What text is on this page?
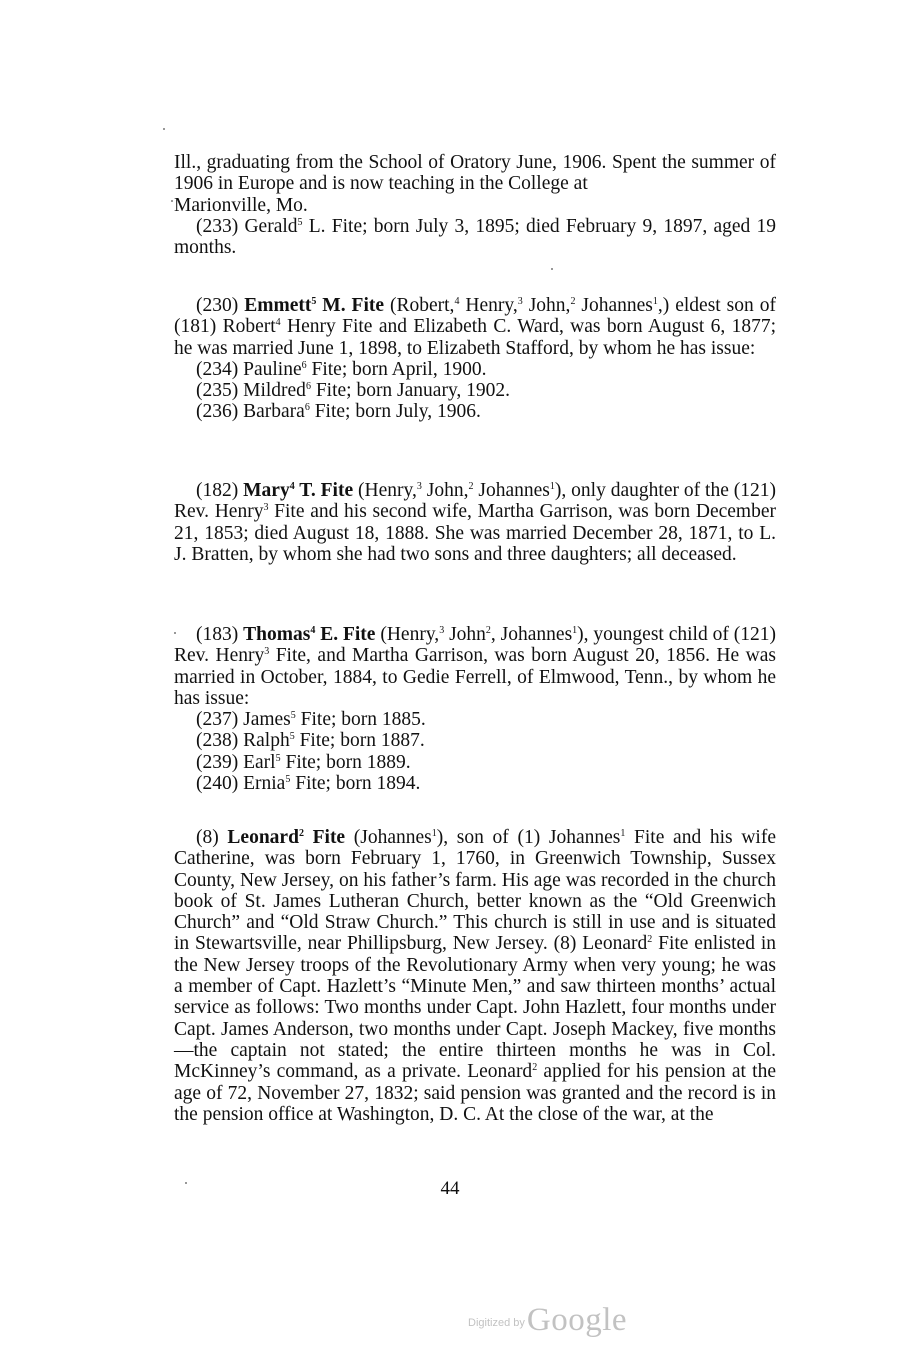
Ill., graduating from the School of Oratory June, 1906. Spent the summer of 1906 in Europe and is now teaching in the College at
Marionville, Mo.

(233) Gerald$^5$ L. Fite; born July 3, 1895; died February 9, 1897, aged 19 months.

(230) Emmett$^5$ M. Fite (Robert,$^4$ Henry,$^3$ John,$^2$ Johannes$^1$,) eldest son of (181) Robert$^4$ Henry Fite and Elizabeth C. Ward, was born August 6, 1877; he was married June 1, 1898, to Elizabeth Stafford, by whom he has issue:

(234) Pauline$^6$ Fite; born April, 1900.

(235) Mildred$^6$ Fite; born January, 1902.

(236) Barbara$^6$ Fite; born July, 1906.

(182) Mary$^4$ T. Fite (Henry,$^3$ John,$^2$ Johannes$^1$), only daughter of the (121) Rev. Henry$^3$ Fite and his second wife, Martha Garrison, was born December 21, 1853; died August 18, 1888. She was married December 28, 1871, to L. J. Bratten, by whom she had two sons and three daughters; all deceased.

(183) Thomas$^4$ E. Fite (Henry,$^3$ John$^2$, Johannes$^1$), youngest child of (121) Rev. Henry$^3$ Fite, and Martha Garrison, was born August 20, 1856. He was married in October, 1884, to Gedie Ferrell, of Elmwood, Tenn., by whom he has issue:

(237) James$^5$ Fite; born 1885.

(238) Ralph$^5$ Fite; born 1887.

(239) Earl$^5$ Fite; born 1889.

(240) Ernia$^5$ Fite; born 1894.

(8) Leonard$^2$ Fite (Johannes$^1$), son of (1) Johannes$^1$ Fite and his wife Catherine, was born February 1, 1760, in Greenwich Township, Sussex County, New Jersey, on his father’s farm. His age was recorded in the church book of St. James Lutheran Church, better known as the “Old Greenwich Church” and “Old Straw Church.” This church is still in use and is situated in Stewartsville, near Phillipsburg, New Jersey. (8) Leonard$^2$ Fite enlisted in the New Jersey troops of the Revolutionary Army when very young; he was a member of Capt. Hazlett’s “Minute Men,” and saw thirteen months’ actual service as follows: Two months under Capt. John Hazlett, four months under Capt. James Anderson, two months under Capt. Joseph Mackey, five months—the captain not stated; the entire thirteen months he was in Col. McKinney’s command, as a private. Leonard$^2$ applied for his pension at the age of 72, November 27, 1832; said pension was granted and the record is in the pension office at Washington, D. C. At the close of the war, at the

44
$^{Digitized by}$Google
